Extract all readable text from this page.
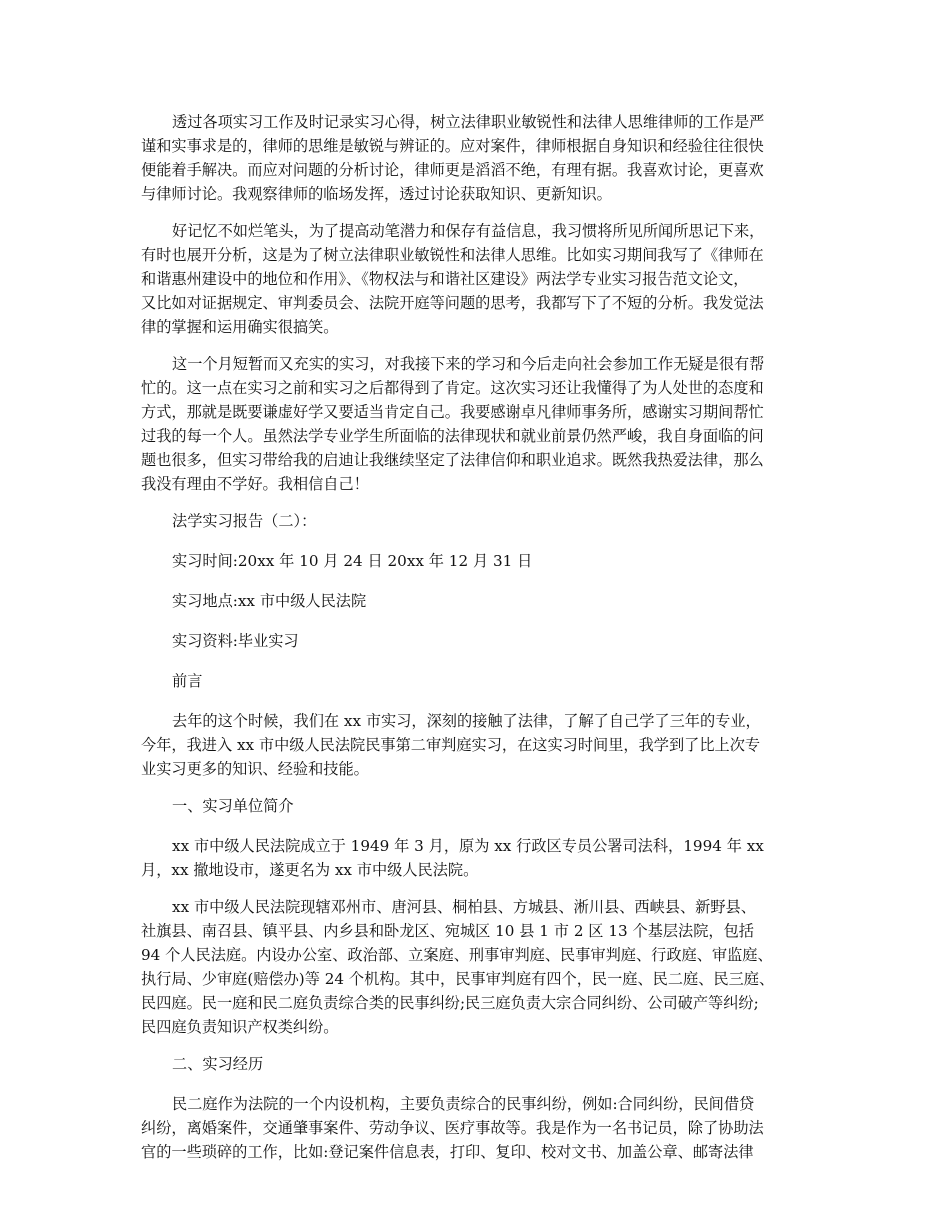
透过各项实习工作及时记录实习心得，树立法律职业敏锐性和法律人思维律师的工作是严
谨和实事求是的，律师的思维是敏锐与辨证的。应对案件，律师根据自身知识和经验往往很快
便能着手解决。而应对问题的分析讨论，律师更是滔滔不绝，有理有据。我喜欢讨论，更喜欢
与律师讨论。我观察律师的临场发挥，透过讨论获取知识、更新知识。
好记忆不如烂笔头，为了提高动笔潜力和保存有益信息，我习惯将所见所闻所思记下来，
有时也展开分析，这是为了树立法律职业敏锐性和法律人思维。比如实习期间我写了《律师在
和谐惠州建设中的地位和作用》、《物权法与和谐社区建设》两法学专业实习报告范文论文，
又比如对证据规定、审判委员会、法院开庭等问题的思考，我都写下了不短的分析。我发觉法
律的掌握和运用确实很搞笑。
这一个月短暂而又充实的实习，对我接下来的学习和今后走向社会参加工作无疑是很有帮
忙的。这一点在实习之前和实习之后都得到了肯定。这次实习还让我懂得了为人处世的态度和
方式，那就是既要谦虚好学又要适当肯定自己。我要感谢卓凡律师事务所，感谢实习期间帮忙
过我的每一个人。虽然法学专业学生所面临的法律现状和就业前景仍然严峻，我自身面临的问
题也很多，但实习带给我的启迪让我继续坚定了法律信仰和职业追求。既然我热爱法律，那么
我没有理由不学好。我相信自己！
法学实习报告（二）：
实习时间:20xx 年 10 月 24 日 20xx 年 12 月 31 日
实习地点:xx 市中级人民法院
实习资料:毕业实习
前言
去年的这个时候，我们在 xx 市实习，深刻的接触了法律，了解了自己学了三年的专业，
今年，我进入 xx 市中级人民法院民事第二审判庭实习，在这实习时间里，我学到了比上次专
业实习更多的知识、经验和技能。
一、实习单位简介
xx 市中级人民法院成立于 1949 年 3 月，原为 xx 行政区专员公署司法科，1994 年 xx
月，xx 撤地设市，遂更名为 xx 市中级人民法院。
xx 市中级人民法院现辖邓州市、唐河县、桐柏县、方城县、淅川县、西峡县、新野县、
社旗县、南召县、镇平县、内乡县和卧龙区、宛城区 10 县 1 市 2 区 13 个基层法院，包括
94 个人民法庭。内设办公室、政治部、立案庭、刑事审判庭、民事审判庭、行政庭、审监庭、
执行局、少审庭(赔偿办)等 24 个机构。其中，民事审判庭有四个，民一庭、民二庭、民三庭、
民四庭。民一庭和民二庭负责综合类的民事纠纷;民三庭负责大宗合同纠纷、公司破产等纠纷;
民四庭负责知识产权类纠纷。
二、实习经历
民二庭作为法院的一个内设机构，主要负责综合的民事纠纷，例如:合同纠纷，民间借贷
纠纷，离婚案件，交通肇事案件、劳动争议、医疗事故等。我是作为一名书记员，除了协助法
官的一些琐碎的工作，比如:登记案件信息表，打印、复印、校对文书、加盖公章、邮寄法律
